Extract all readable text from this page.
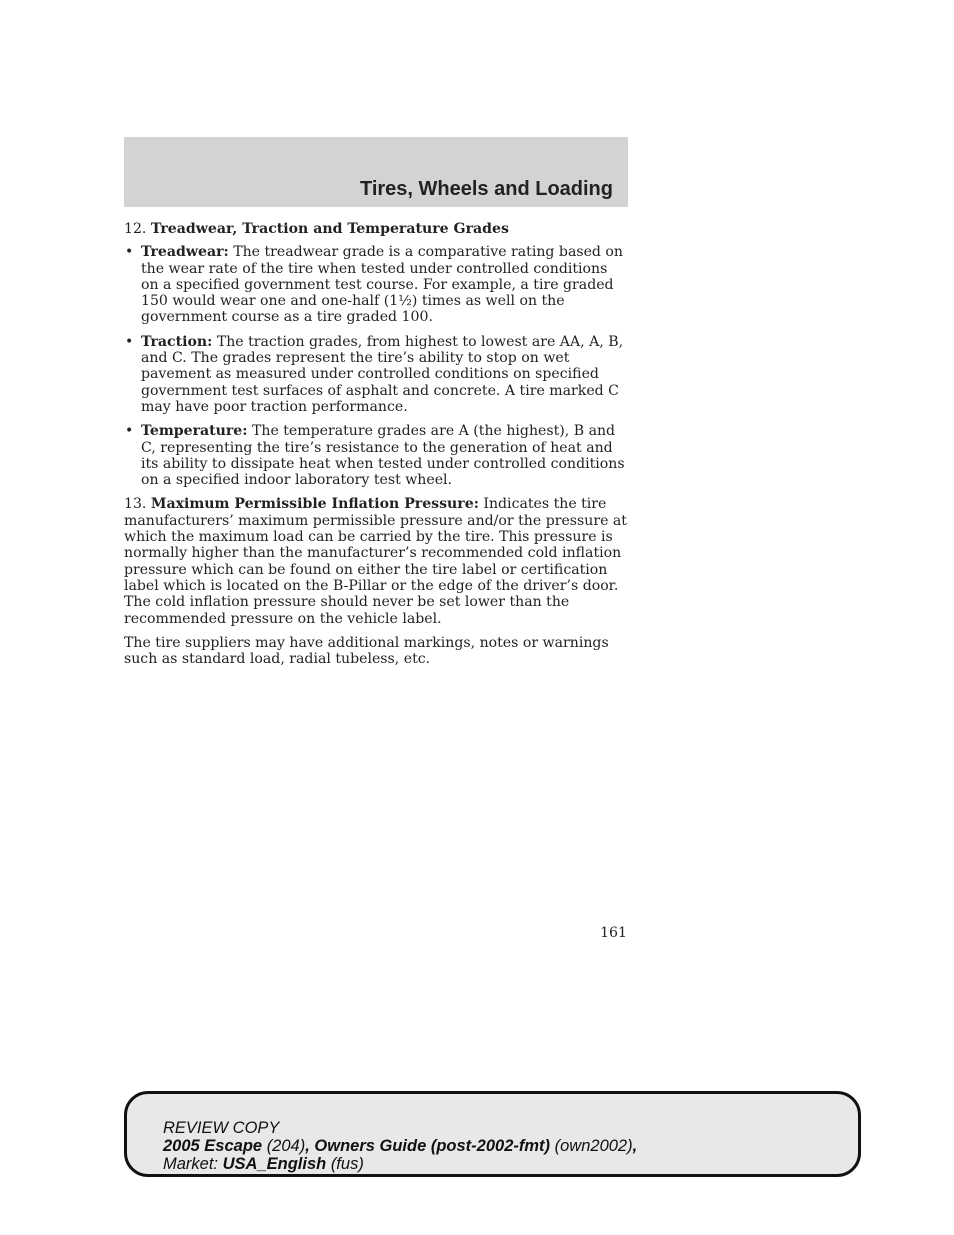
Tires, Wheels and Loading

12. Treadwear, Traction and Temperature Grades

• Treadwear: The treadwear grade is a comparative rating based on the wear rate of the tire when tested under controlled conditions on a specified government test course. For example, a tire graded 150 would wear one and one-half (1½) times as well on the government course as a tire graded 100.
• Traction: The traction grades, from highest to lowest are AA, A, B, and C. The grades represent the tire’s ability to stop on wet pavement as measured under controlled conditions on specified government test surfaces of asphalt and concrete. A tire marked C may have poor traction performance.
• Temperature: The temperature grades are A (the highest), B and C, representing the tire’s resistance to the generation of heat and its ability to dissipate heat when tested under controlled conditions on a specified indoor laboratory test wheel.

13. Maximum Permissible Inflation Pressure: Indicates the tire manufacturers’ maximum permissible pressure and/or the pressure at which the maximum load can be carried by the tire. This pressure is normally higher than the manufacturer’s recommended cold inflation pressure which can be found on either the tire label or certification label which is located on the B-Pillar or the edge of the driver’s door. The cold inflation pressure should never be set lower than the recommended pressure on the vehicle label.

The tire suppliers may have additional markings, notes or warnings such as standard load, radial tubeless, etc.

161
REVIEW COPY
2005 Escape (204), Owners Guide (post-2002-fmt) (own2002),
Market: USA_English (fus)
